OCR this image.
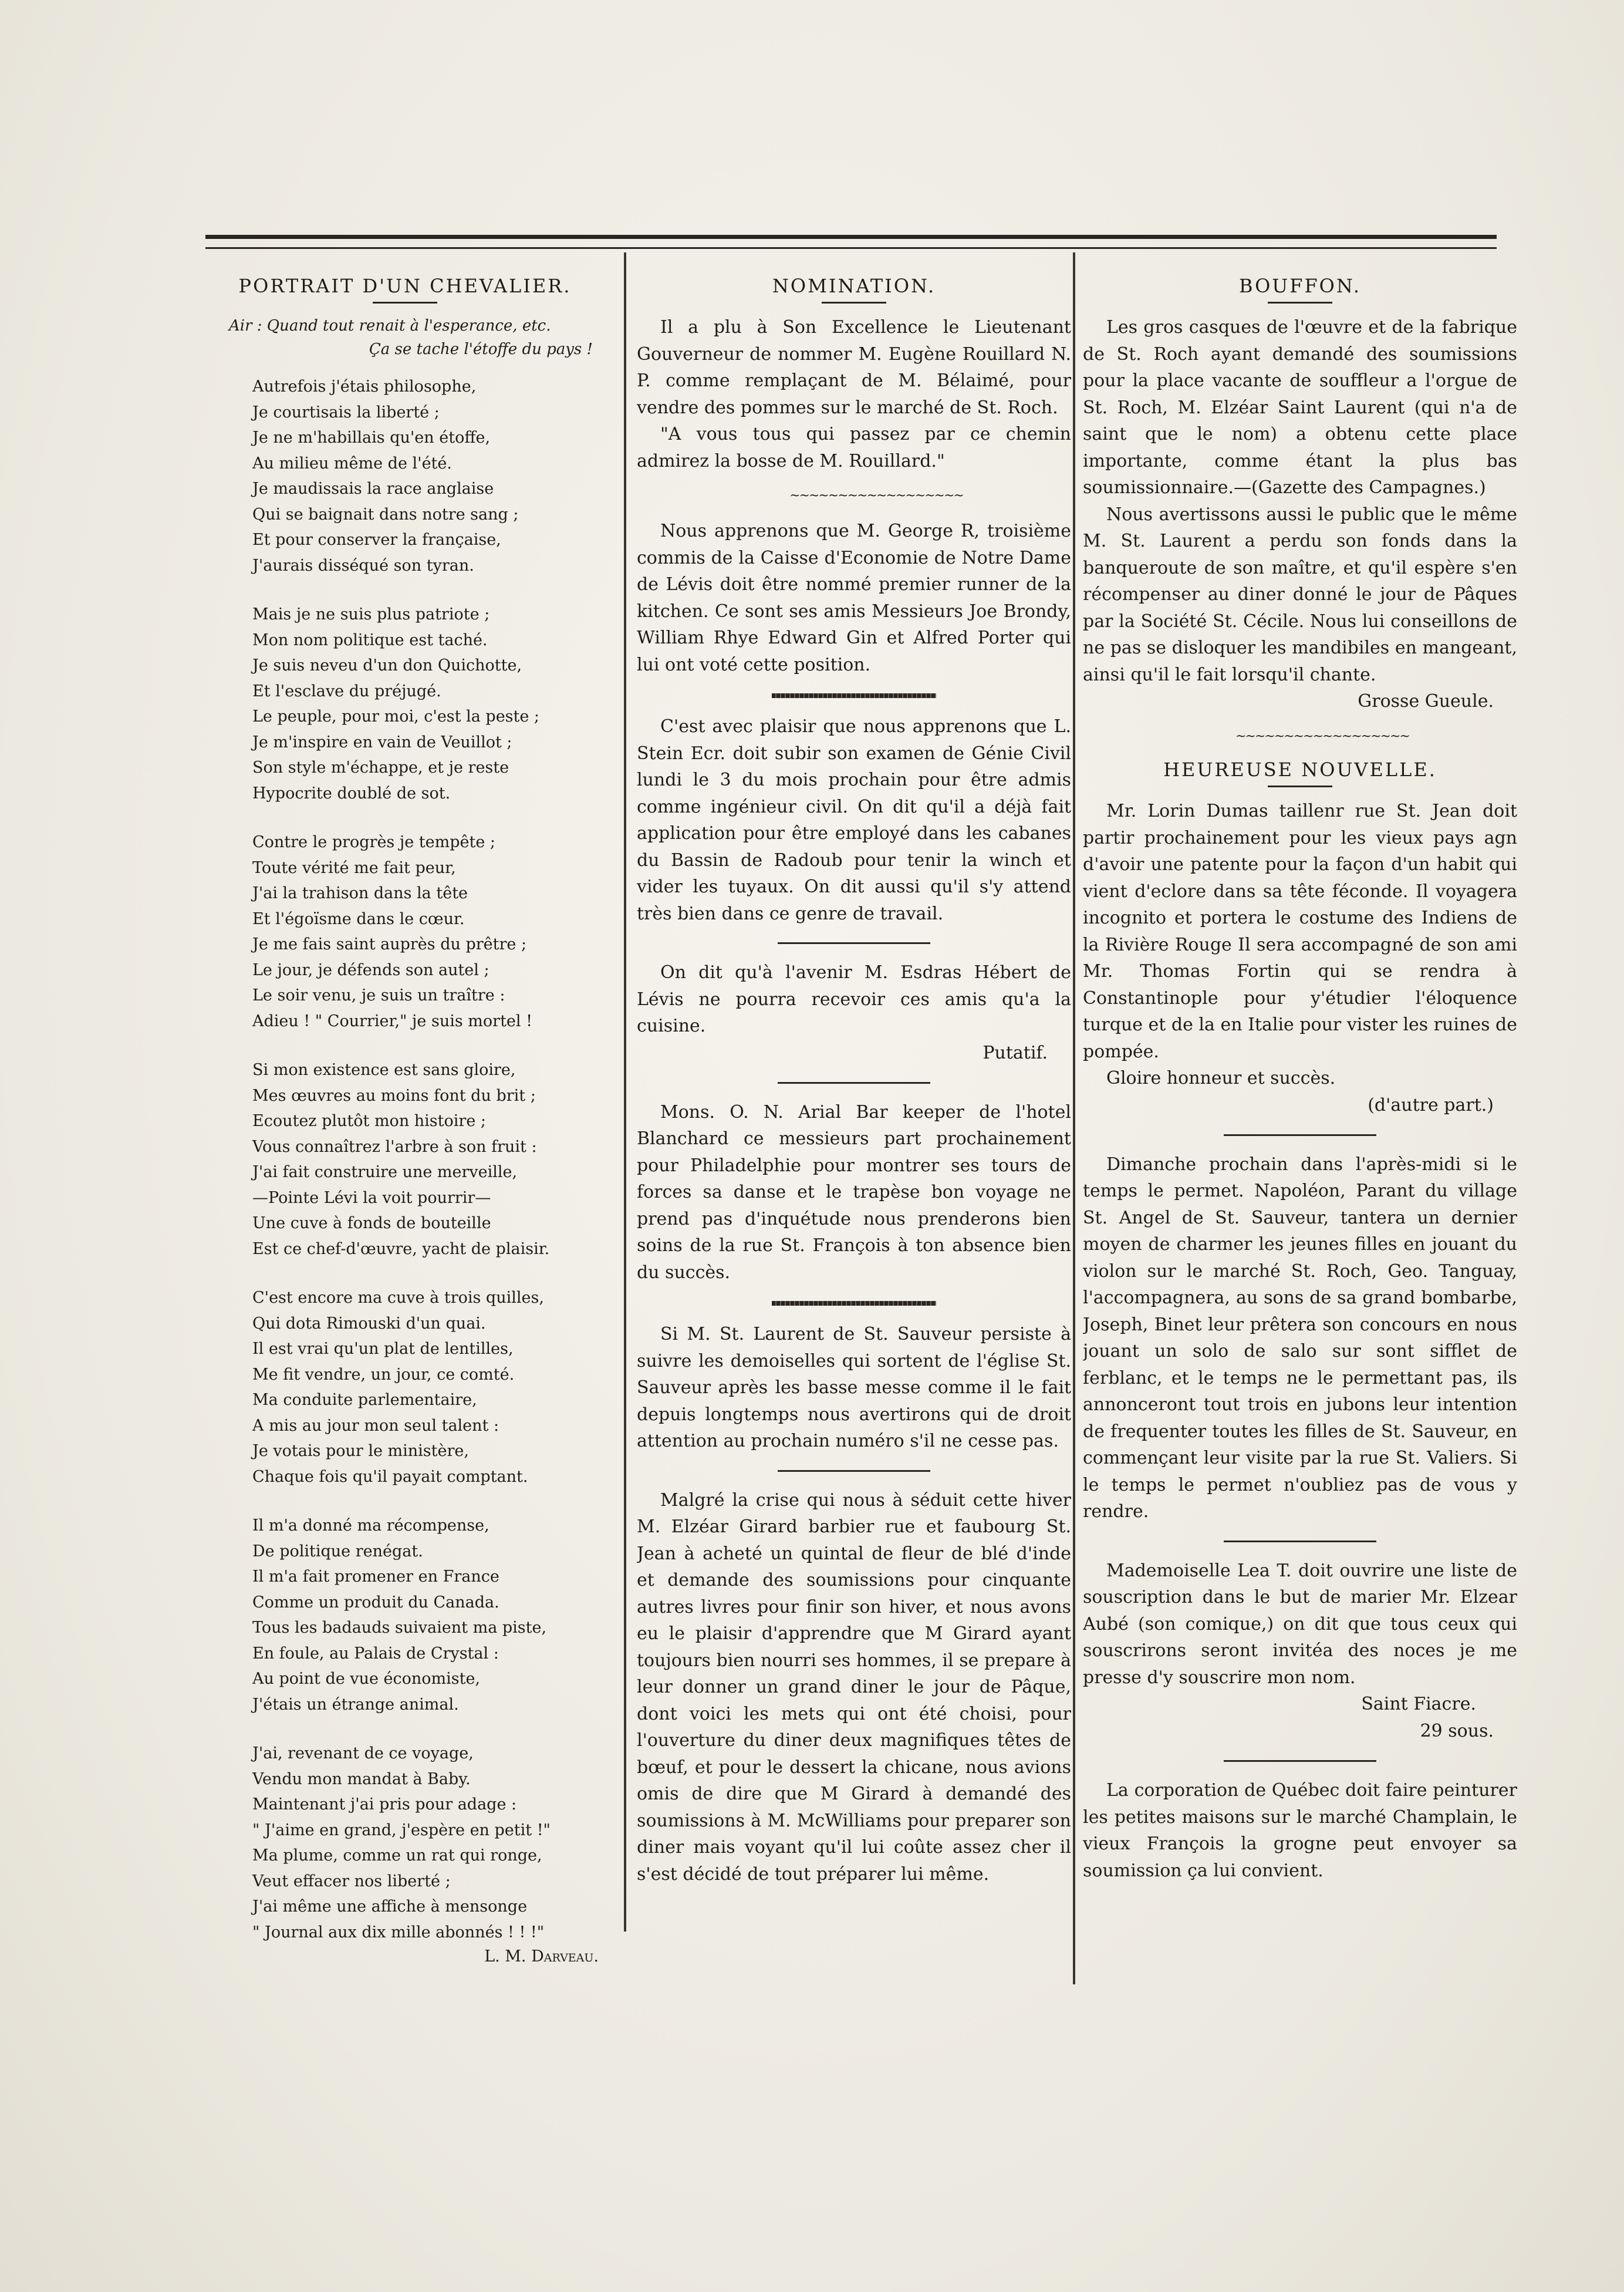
PORTRAIT D'UN CHEVALIER.
Air : Quand tout renait à l'esperance, etc.
Ça se tache l'étoffe du pays !
Autrefois j'étais philosophe,
Je courtisais la liberté ;
Je ne m'habillais qu'en étoffe,
Au milieu même de l'été.
Je maudissais la race anglaise
Qui se baignait dans notre sang ;
Et pour conserver la française,
J'aurais disséqué son tyran.
Mais je ne suis plus patriote ;
Mon nom politique est taché.
Je suis neveu d'un don Quichotte,
Et l'esclave du préjugé.
Le peuple, pour moi, c'est la peste ;
Je m'inspire en vain de Veuillot ;
Son style m'échappe, et je reste
Hypocrite doublé de sot.
Contre le progrès je tempête ;
Toute vérité me fait peur,
J'ai la trahison dans la tête
Et l'égoïsme dans le cœur.
Je me fais saint auprès du prêtre ;
Le jour, je défends son autel ;
Le soir venu, je suis un traître :
Adieu ! " Courrier," je suis mortel !
Si mon existence est sans gloire,
Mes œuvres au moins font du brit ;
Ecoutez plutôt mon histoire ;
Vous connaîtrez l'arbre à son fruit :
J'ai fait construire une merveille,
—Pointe Lévi la voit pourrir—
Une cuve à fonds de bouteille
Est ce chef-d'œuvre, yacht de plaisir.
C'est encore ma cuve à trois quilles,
Qui dota Rimouski d'un quai.
Il est vrai qu'un plat de lentilles,
Me fit vendre, un jour, ce comté.
Ma conduite parlementaire,
A mis au jour mon seul talent :
Je votais pour le ministère,
Chaque fois qu'il payait comptant.
Il m'a donné ma récompense,
De politique renégat.
Il m'a fait promener en France
Comme un produit du Canada.
Tous les badauds suivaient ma piste,
En foule, au Palais de Crystal :
Au point de vue économiste,
J'étais un étrange animal.
J'ai, revenant de ce voyage,
Vendu mon mandat à Baby.
Maintenant j'ai pris pour adage :
" J'aime en grand, j'espère en petit !"
Ma plume, comme un rat qui ronge,
Veut effacer nos liberté ;
J'ai même une affiche à mensonge
" Journal aux dix mille abonnés ! ! !"
L. M. Darveau.
NOMINATION.

Il a plu à Son Excellence le Lieutenant Gouverneur de nommer M. Eugène Rouillard N. P. comme remplaçant de M. Bélaimé, pour vendre des pommes sur le marché de St. Roch.

"A vous tous qui passez par ce chemin admirez la bosse de M. Rouillard."

~~~~~~~~~~~~~~~~~~

Nous apprenons que M. George R, troisième commis de la Caisse d'Economie de Notre Dame de Lévis doit être nommé premier runner de la kitchen. Ce sont ses amis Messieurs Joe Brondy, William Rhye Edward Gin et Alfred Porter qui lui ont voté cette position.

C'est avec plaisir que nous apprenons que L. Stein Ecr. doit subir son examen de Génie Civil lundi le 3 du mois prochain pour être admis comme ingénieur civil. On dit qu'il a déjà fait application pour être employé dans les cabanes du Bassin de Radoub pour tenir la winch et vider les tuyaux. On dit aussi qu'il s'y attend très bien dans ce genre de travail.

On dit qu'à l'avenir M. Esdras Hébert de Lévis ne pourra recevoir ces amis qu'a la cuisine.

Putatif.

Mons. O. N. Arial Bar keeper de l'hotel Blanchard ce messieurs part prochainement pour Philadelphie pour montrer ses tours de forces sa danse et le trapèse bon voyage ne prend pas d'inquétude nous prenderons bien soins de la rue St. François à ton absence bien du succès.

Si M. St. Laurent de St. Sauveur persiste à suivre les demoiselles qui sortent de l'église St. Sauveur après les basse messe comme il le fait depuis longtemps nous avertirons qui de droit attention au prochain numéro s'il ne cesse pas.

Malgré la crise qui nous à séduit cette hiver M. Elzéar Girard barbier rue et faubourg St. Jean à acheté un quintal de fleur de blé d'inde et demande des soumissions pour cinquante autres livres pour finir son hiver, et nous avons eu le plaisir d'apprendre que M Girard ayant toujours bien nourri ses hommes, il se prepare à leur donner un grand diner le jour de Pâque, dont voici les mets qui ont été choisi, pour l'ouverture du diner deux magnifiques têtes de bœuf, et pour le dessert la chicane, nous avions omis de dire que M Girard à demandé des soumissions à M. McWilliams pour preparer son diner mais voyant qu'il lui coûte assez cher il s'est décidé de tout préparer lui même.

BOUFFON.

Les gros casques de l'œuvre et de la fabrique de St. Roch ayant demandé des soumissions pour la place vacante de souffleur a l'orgue de St. Roch, M. Elzéar Saint Laurent (qui n'a de saint que le nom) a obtenu cette place importante, comme étant la plus bas soumissionnaire.—(Gazette des Campagnes.)

Nous avertissons aussi le public que le même M. St. Laurent a perdu son fonds dans la banqueroute de son maître, et qu'il espère s'en récompenser au diner donné le jour de Pâques par la Société St. Cécile. Nous lui conseillons de ne pas se disloquer les mandibiles en mangeant, ainsi qu'il le fait lorsqu'il chante.

Grosse Gueule.
~~~~~~~~~~~~~~~~~~
HEUREUSE NOUVELLE.

Mr. Lorin Dumas taillenr rue St. Jean doit partir prochainement pour les vieux pays agn d'avoir une patente pour la façon d'un habit qui vient d'eclore dans sa tête féconde. Il voyagera incognito et portera le costume des Indiens de la Rivière Rouge Il sera accompagné de son ami Mr. Thomas Fortin qui se rendra à Constantinople pour y'étudier l'éloquence turque et de la en Italie pour vister les ruines de pompée.

Gloire honneur et succès.

(d'autre part.)

Dimanche prochain dans l'après-midi si le temps le permet. Napoléon, Parant du village St. Angel de St. Sauveur, tantera un dernier moyen de charmer les jeunes filles en jouant du violon sur le marché St. Roch, Geo. Tanguay, l'accompagnera, au sons de sa grand bombarbe, Joseph, Binet leur prêtera son concours en nous jouant un solo de salo sur sont sifflet de ferblanc, et le temps ne le permettant pas, ils annonceront tout trois en jubons leur intention de frequenter toutes les filles de St. Sauveur, en commençant leur visite par la rue St. Valiers. Si le temps le permet n'oubliez pas de vous y rendre.

Mademoiselle Lea T. doit ouvrire une liste de souscription dans le but de marier Mr. Elzear Aubé (son comique,) on dit que tous ceux qui souscrirons seront invitéa des noces je me presse d'y souscrire mon nom.

Saint Fiacre.
29 sous.

La corporation de Québec doit faire peinturer les petites maisons sur le marché Champlain, le vieux François la grogne peut envoyer sa soumission ça lui convient.
